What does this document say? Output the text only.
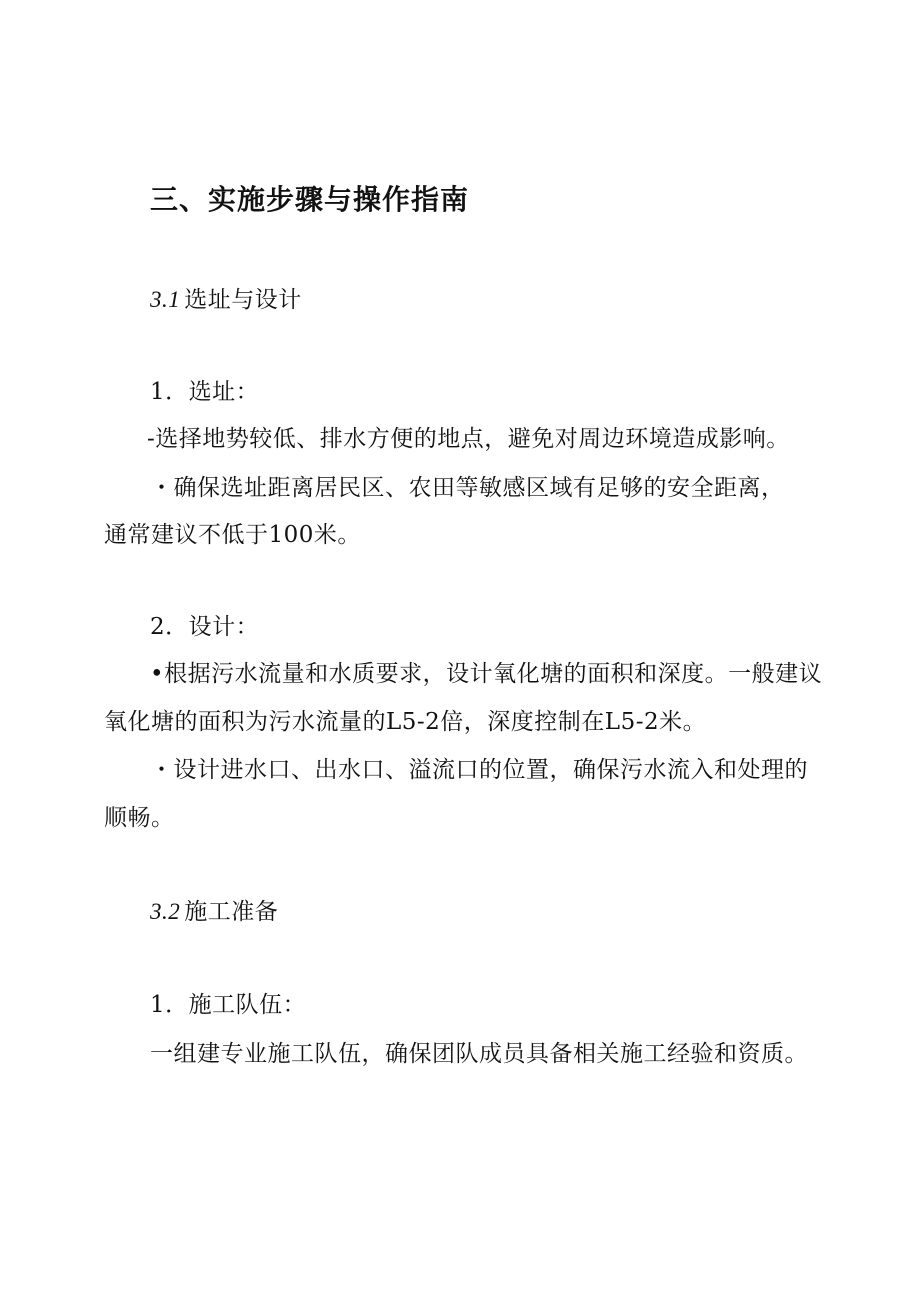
三、实施步骤与操作指南
3.1 选址与设计
1．选址：
-选择地势较低、排水方便的地点，避免对周边环境造成影响。
・确保选址距离居民区、农田等敏感区域有足够的安全距离，
通常建议不低于100米。
2．设计：
•根据污水流量和水质要求，设计氧化塘的面积和深度。一般建议
氧化塘的面积为污水流量的L5-2倍，深度控制在L5-2米。
・设计进水口、出水口、溢流口的位置，确保污水流入和处理的
顺畅。
3.2 施工准备
1．施工队伍：
一组建专业施工队伍，确保团队成员具备相关施工经验和资质。
